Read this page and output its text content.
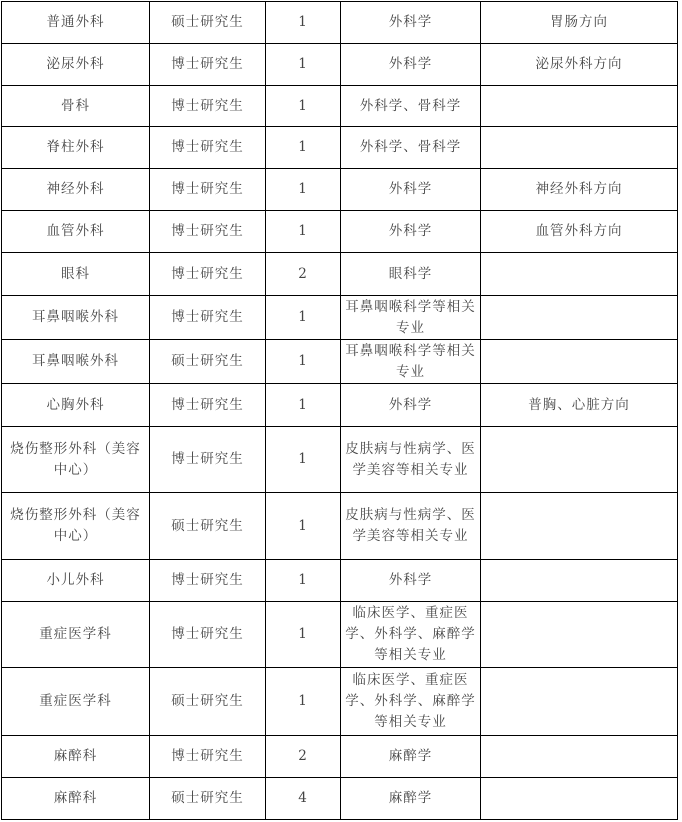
普通外科	硕士研究生	1	外科学	胃肠方向
泌尿外科	博士研究生	1	外科学	泌尿外科方向
骨科	博士研究生	1	外科学、骨科学	
脊柱外科	博士研究生	1	外科学、骨科学	
神经外科	博士研究生	1	外科学	神经外科方向
血管外科	博士研究生	1	外科学	血管外科方向
眼科	博士研究生	2	眼科学	
耳鼻咽喉外科	博士研究生	1	耳鼻咽喉科学等相关专业	
耳鼻咽喉外科	硕士研究生	1	耳鼻咽喉科学等相关专业	
心胸外科	博士研究生	1	外科学	普胸、心脏方向
烧伤整形外科（美容中心）	博士研究生	1	皮肤病与性病学、医学美容等相关专业	
烧伤整形外科（美容中心）	硕士研究生	1	皮肤病与性病学、医学美容等相关专业	
小儿外科	博士研究生	1	外科学	
重症医学科	博士研究生	1	临床医学、重症医学、外科学、麻醉学等相关专业	
重症医学科	硕士研究生	1	临床医学、重症医学、外科学、麻醉学等相关专业	
麻醉科	博士研究生	2	麻醉学	
麻醉科	硕士研究生	4	麻醉学	
